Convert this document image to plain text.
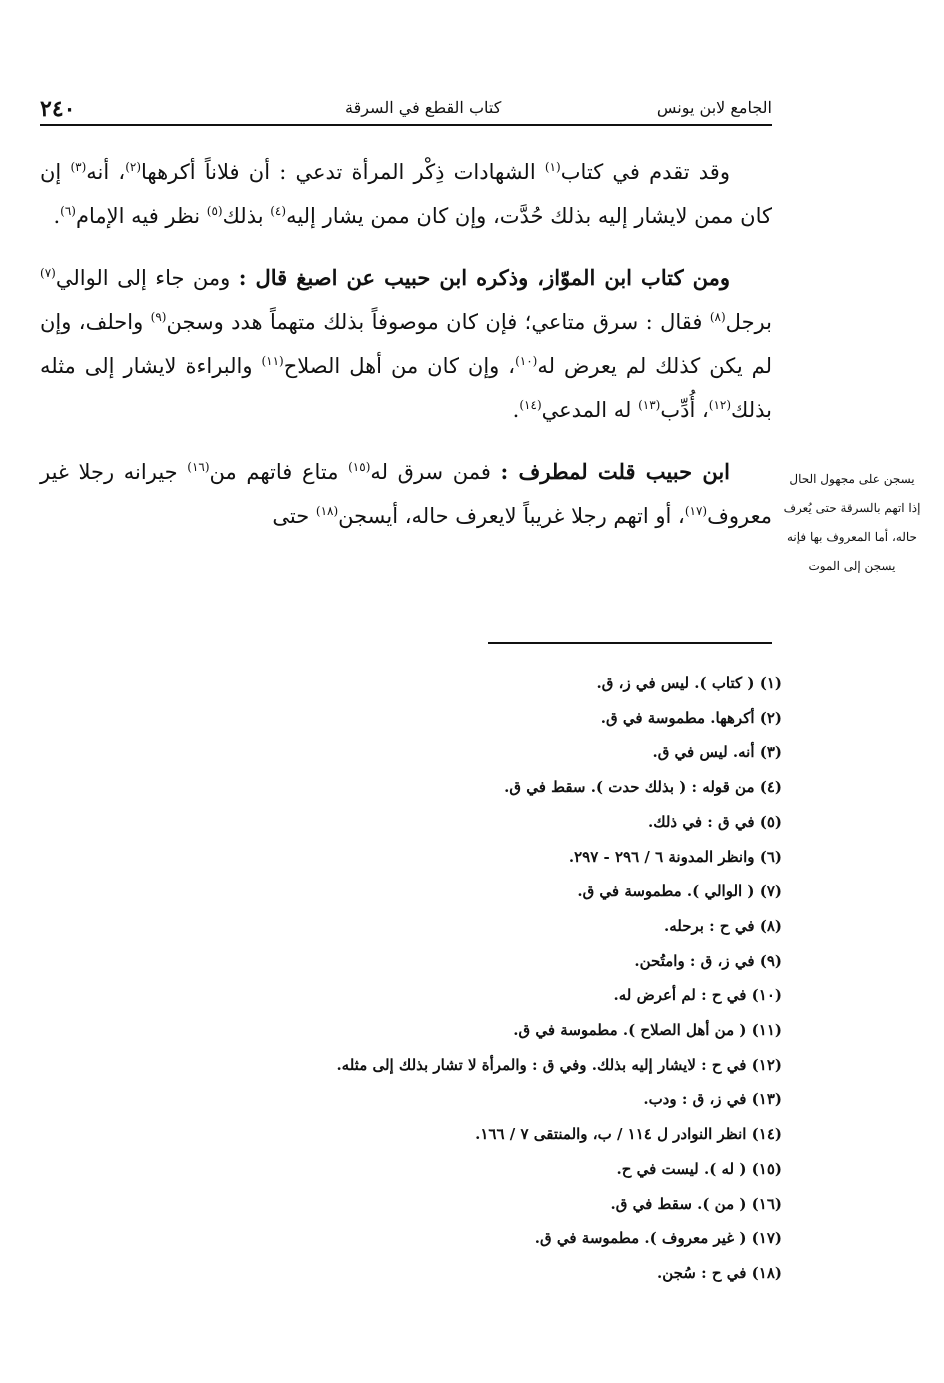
٢٤٠	كتاب القطع في السرقة	الجامع لابن يونس

وقد تقدم في كتاب$^{(١)}$ الشهادات ذِكْر المرأة تدعي : أن فلاناً أكرهها$^{(٢)}$، أنه$^{(٣)}$ إن كان ممن لايشار إليه بذلك حُدَّت، وإن كان ممن يشار إليه$^{(٤)}$ بذلك$^{(٥)}$ نظر فيه الإمام$^{(٦)}$.

ومن كتاب ابن الموّاز، وذكره ابن حبيب عن اصبغ قال : ومن جاء إلى الوالي$^{(٧)}$ برجل$^{(٨)}$ فقال : سرق متاعي؛ فإن كان موصوفاً بذلك متهماً هدد وسجن$^{(٩)}$ واحلف، وإن لم يكن كذلك لم يعرض له$^{(١٠)}$، وإن كان من أهل الصلاح$^{(١١)}$ والبراءة لايشار إلى مثله بذلك$^{(١٢)}$، أُدِّب$^{(١٣)}$ له المدعي$^{(١٤)}$.

ابن حبيب قلت لمطرف : فمن سرق له$^{(١٥)}$ متاع فاتهم من$^{(١٦)}$ جيرانه رجلا غير معروف$^{(١٧)}$، أو اتهم رجلا غريباً لايعرف حاله، أيسجن$^{(١٨)}$ حتى

يسجن على مجهول الحال
إذا اتهم بالسرقة حتى يُعرف
حاله، أما المعروف بها فإنه
يسجن إلى الموت
(١) ( كتاب ). ليس في ز، ق.
(٢) أكرهها. مطموسة في ق.
(٣) أنه. ليس في ق.
(٤) من قوله : ( بذلك حدت ). سقط في ق.
(٥) في ق : في ذلك.
(٦) وانظر المدونة ٦ / ٢٩٦ - ٢٩٧.
(٧) ( الوالي ). مطموسة في ق.
(٨) في ح : برحله.
(٩) في ز، ق : وامتُحن.
(١٠) في ح : لم أعرض له.
(١١) ( من أهل الصلاح ). مطموسة في ق.
(١٢) في ح : لايشار إليه بذلك. وفي ق : والمرأة لا تشار بذلك إلى مثله.
(١٣) في ز، ق : ودب.
(١٤) انظر النوادر ل ١١٤ / ب، والمنتقى ٧ / ١٦٦.
(١٥) ( له ). ليست في ح.
(١٦) ( من ). سقط في ق.
(١٧) ( غير معروف ). مطموسة في ق.
(١٨) في ح : سُجن.
